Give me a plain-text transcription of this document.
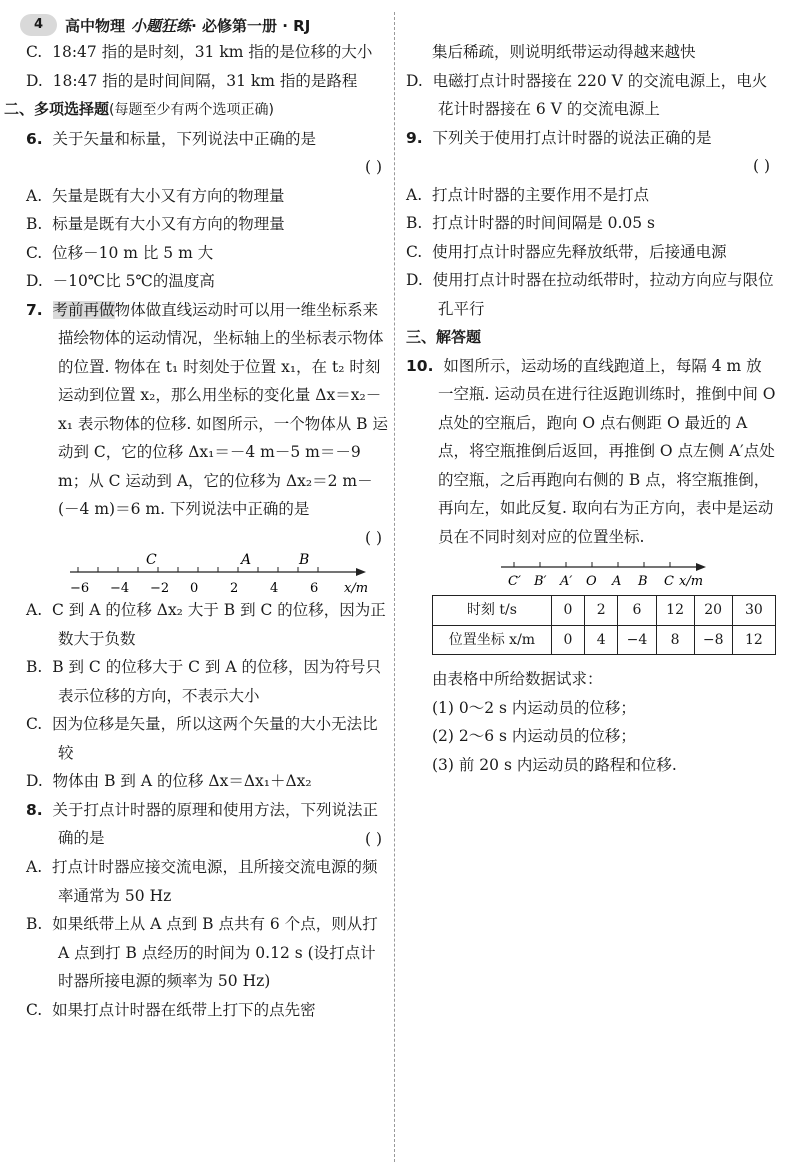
4	高中物理 小题狂练 · 必修第一册 · RJ
C. 18:47 指的是时刻，31 km 指的是位移的大小
D. 18:47 指的是时间间隔，31 km 指的是路程
二、多项选择题(每题至少有两个选项正确)
6. 关于矢量和标量，下列说法中正确的是
( )
A. 矢量是既有大小又有方向的物理量
B. 标量是既有大小又有方向的物理量
C. 位移－10 m 比 5 m 大
D. －10℃比 5℃的温度高
7. 考前再做物体做直线运动时可以用一维坐标系来描绘物体的运动情况，坐标轴上的坐标表示物体的位置. 物体在 t₁ 时刻处于位置 x₁，在 t₂ 时刻运动到位置 x₂，那么用坐标的变化量 Δx＝x₂－x₁ 表示物体的位移. 如图所示，一个物体从 B 运动到 C，它的位移 Δx₁＝－4 m－5 m＝－9 m；从 C 运动到 A，它的位移为 Δx₂＝2 m－(－4 m)＝6 m. 下列说法中正确的是
( )
−6 −4 −2 0 2 4 6
C	A	B
x/m
A. C 到 A 的位移 Δx₂ 大于 B 到 C 的位移，因为正数大于负数
B. B 到 C 的位移大于 C 到 A 的位移，因为符号只表示位移的方向，不表示大小
C. 因为位移是矢量，所以这两个矢量的大小无法比较
D. 物体由 B 到 A 的位移 Δx＝Δx₁＋Δx₂
8. 关于打点计时器的原理和使用方法，下列说法正确的是	( )
A. 打点计时器应接交流电源，且所接交流电源的频率通常为 50 Hz
B. 如果纸带上从 A 点到 B 点共有 6 个点，则从打 A 点到打 B 点经历的时间为 0.12 s (设打点计时器所接电源的频率为 50 Hz)
C. 如果打点计时器在纸带上打下的点先密
集后稀疏，则说明纸带运动得越来越快
D. 电磁打点计时器接在 220 V 的交流电源上，电火花计时器接在 6 V 的交流电源上
9. 下列关于使用打点计时器的说法正确的是
( )
A. 打点计时器的主要作用不是打点
B. 打点计时器的时间间隔是 0.05 s
C. 使用打点计时器应先释放纸带，后接通电源
D. 使用打点计时器在拉动纸带时，拉动方向应与限位孔平行
三、解答题
10. 如图所示，运动场的直线跑道上，每隔 4 m 放一空瓶. 运动员在进行往返跑训练时，推倒中间 O 点处的空瓶后，跑向 O 点右侧距 O 最近的 A 点，将空瓶推倒后返回，再推倒 O 点左侧 A′点处的空瓶，之后再跑向右侧的 B 点，将空瓶推倒，再向左，如此反复. 取向右为正方向，表中是运动员在不同时刻对应的位置坐标.
C′ B′ A′ O A B C x/m
时刻 t/s	0	2	6	12	20	30
位置坐标 x/m	0	4	−4	8	−8	12
由表格中所给数据试求：
(1) 0～2 s 内运动员的位移；
(2) 2～6 s 内运动员的位移；
(3) 前 20 s 内运动员的路程和位移.
